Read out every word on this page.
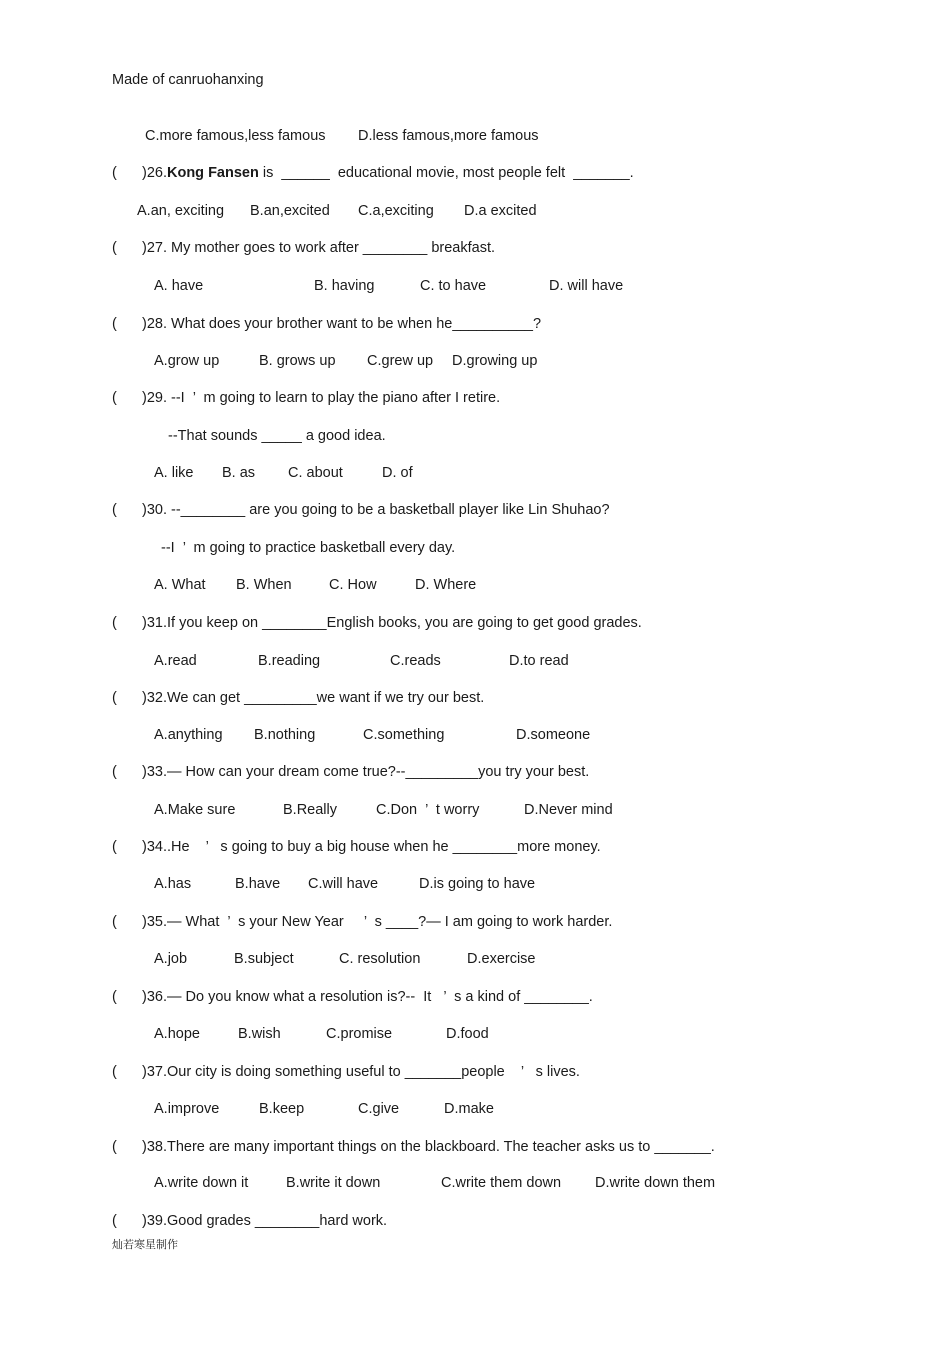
Made of canruohanxing
C.more famous,less famous D.less famous,more famous
( )26.Kong Fansen is  ______  educational movie, most people felt  _______.
A.an, exciting B.an,excited C.a,exciting D.a excited
( )27. My mother goes to work after ________ breakfast.
A. have	B. having	C. to have	D. will have
( )28. What does your brother want to be when he__________?
A.grow up	B. grows up C.grew up D.growing up
( )29. --I  ’  m going to learn to play the piano after I retire.
--That sounds _____ a good idea.
A. like B. as C. about	D. of
( )30. --________ are you going to be a basketball player like Lin Shuhao?
--I  ’  m going to practice basketball every day.
A. What B. When	C. How	D. Where
( )31.If you keep on ________English books, you are going to get good grades.
A.read	B.reading	C.reads	D.to read
( )32.We can get _________we want if we try our best.
A.anything B.nothing	C.something	D.someone
( )33.— How can your dream come true?--_________you try your best.
A.Make sure	B.Really	C.Don  ’  t worry	D.Never mind
( )34..He    ’   s going to buy a big house when he ________more money.
A.has	B.have C.will have	D.is going to have
( )35.— What  ’  s your New Year     ’  s ____?— I am going to work harder.
A.job	B.subject	C. resolution	D.exercise
( )36.— Do you know what a resolution is?--  It   ’  s a kind of ________.
A.hope	B.wish	C.promise	D.food
( )37.Our city is doing something useful to _______people    ’   s lives.
A.improve	B.keep	C.give	D.make
( )38.There are many important things on the blackboard. The teacher asks us to _______.
A.write down it	B.write it down	C.write them down D.write down them
( )39.Good grades ________hard work.
灿若寒星制作
